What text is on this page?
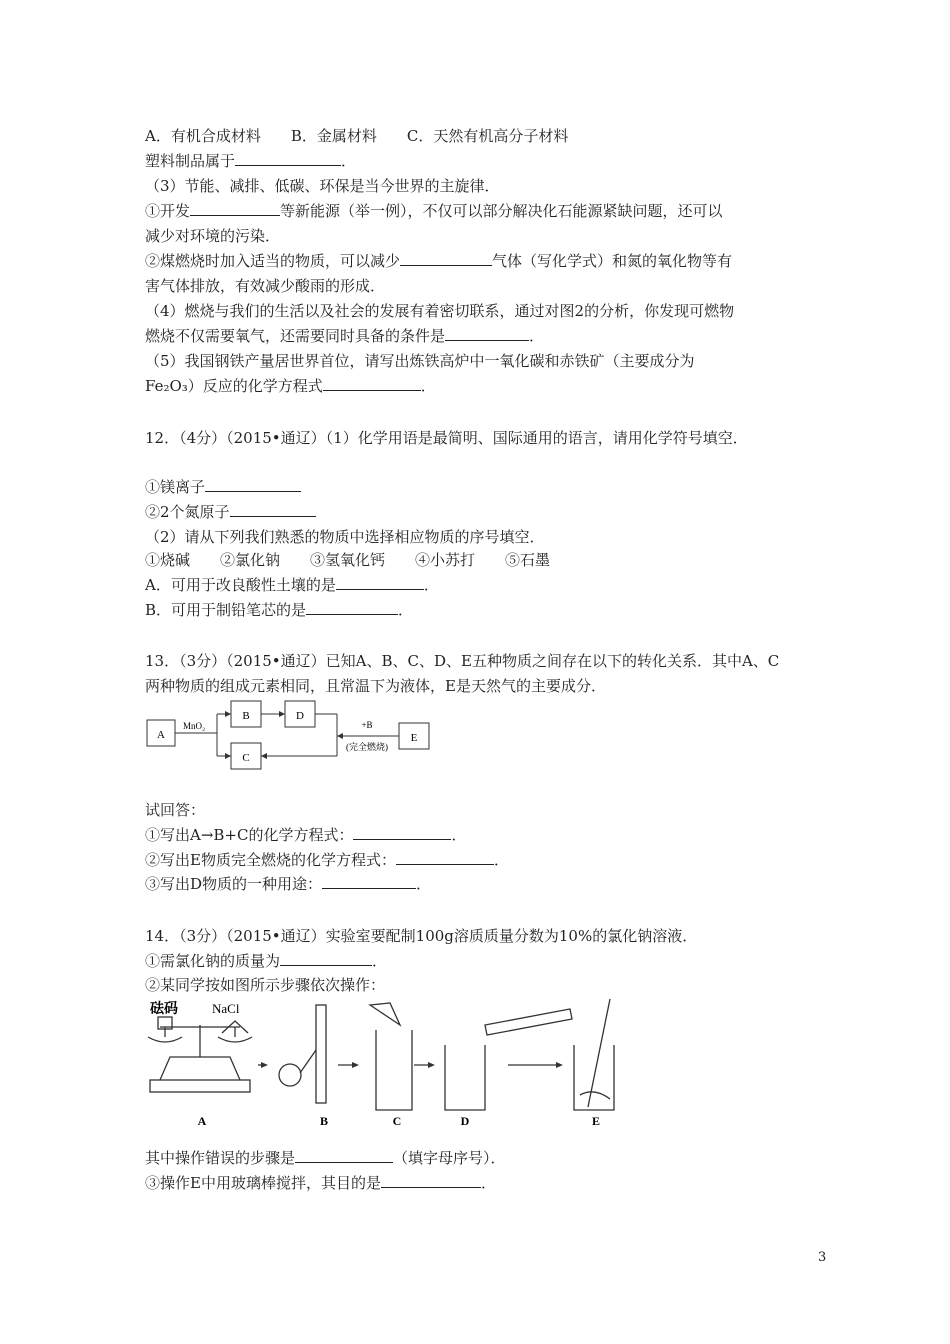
A．有机合成材料　　B．金属材料　　C．天然有机高分子材料
塑料制品属于	．
（3）节能、减排、低碳、环保是当今世界的主旋律．
①开发	等新能源（举一例），不仅可以部分解决化石能源紧缺问题，还可以
减少对环境的污染．
②煤燃烧时加入适当的物质，可以减少	气体（写化学式）和氮的氧化物等有
害气体排放，有效减少酸雨的形成．
（4）燃烧与我们的生活以及社会的发展有着密切联系，通过对图2的分析，你发现可燃物
燃烧不仅需要氧气，还需要同时具备的条件是	．
（5）我国钢铁产量居世界首位，请写出炼铁高炉中一氧化碳和赤铁矿（主要成分为
Fe₂O₃）反应的化学方程式	．
12．（4分）（2015•通辽）（1）化学用语是最简明、国际通用的语言，请用化学符号填空．
①镁离子
②2个氮原子
（2）请从下列我们熟悉的物质中选择相应物质的序号填空．
①烧碱　　②氯化钠　　③氢氧化钙　　④小苏打　　⑤石墨
A．可用于改良酸性土壤的是	．
B．可用于制铅笔芯的是	．
13．（3分）（2015•通辽）已知A、B、C、D、E五种物质之间存在以下的转化关系．其中A、C
两种物质的组成元素相同，且常温下为液体，E是天然气的主要成分．
A
B	D
C
E
MnO₂	+B
(完全燃烧)
试回答：
①写出A→B+C的化学方程式：	．
②写出E物质完全燃烧的化学方程式：	．
③写出D物质的一种用途：	．
14．（3分）（2015•通辽）实验室要配制100g溶质质量分数为10%的氯化钠溶液．
①需氯化钠的质量为	．
②某同学按如图所示步骤依次操作：
砝码	NaCl
A	B	C	D	E
其中操作错误的步骤是	（填字母序号）．
③操作E中用玻璃棒搅拌，其目的是	．
3
